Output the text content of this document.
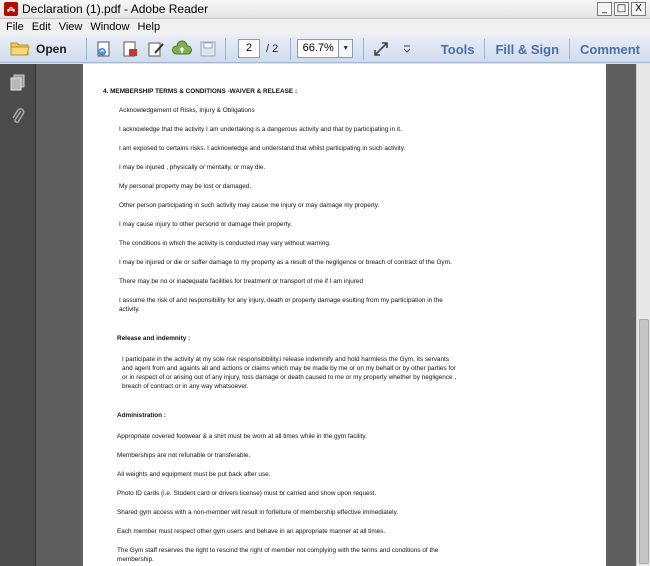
Declaration (1).pdf - Adobe Reader	_ □ X
File Edit View Window Help
Open	2	/ 2	66.7%	▼	Tools	Fill & Sign	Comment
4. MEMBERSHIP TERMS & CONDITIONS -WAIVER & RELEASE :
Acknowledgement of Risks, Injury & Obligations
I acknowledge that the activity I am undertaking is a dangerous activity and that by participating in it.
I am exposed to certains risks. I acknowledge and understand that whilst participating in such activity.
I may be injured , physically or mentally, or may die.
My personal property may be lost or damaged.
Other person participating in such activity may cause me injury or may damage my property.
I may cause injury to other persond or damage their property.
The conditions in which the activity is conducted may vary without warning.
I may be injured or die or suffer damage to my property as a result of the negligence or breach of contract of the Gym.
There may be no or inadequate facilities for treatment or transport of me if I am injured
I assume the risk of and responsibility for any injury, death or property damage esulting from my participation in the
activity.
Release and indemnity :
I participate in the activity at my sole risk responsibbility.i release indemnify and hold harmless the Gym, its servants
and agent from and againts all and actions or claims which may be made by me or on my behalf or by other parties for
or in respect of or arising out of any injury, loss damage or death caused to me or my property whether by negligence ,
breach of contract or in any way whatsoever.
Administration :
Appropriate covered footwear & a shirt must be worn at all times while in the gym facility.
Memberships are not refunable or transferable.
All weights and equipment must be put back after use.
Photo ID cards (i.e. Student card or drivers license) must br carried and show upon request.
Shared gym access with a non-member will result in forfeiture of membership effective immediately.
Each member must respect other gym users and behave in an appropriate manner at all times.
The Gym staff reserves the right to rescind the right of member not complying with the terms and conditions of the
membership.
